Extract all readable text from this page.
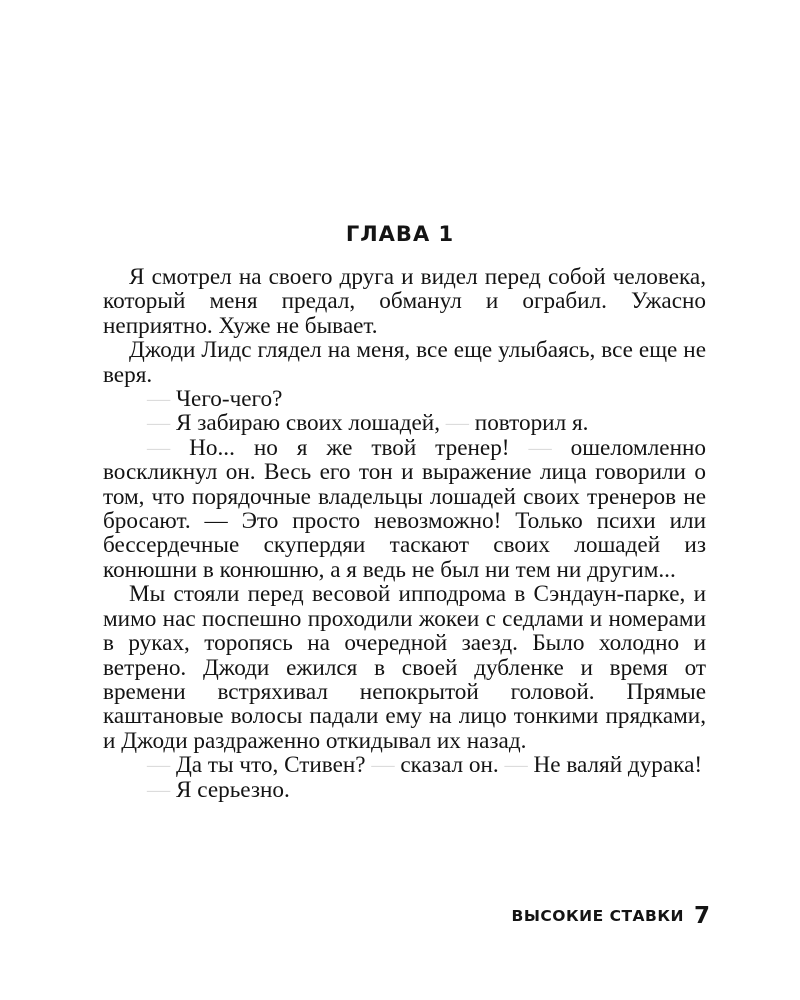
ГЛАВА 1

Я смотрел на своего друга и видел перед собой человека, который меня предал, обманул и ограбил. Ужасно неприятно. Хуже не бывает.

Джоди Лидс глядел на меня, все еще улыбаясь, все еще не веря.

— Чего-чего?

— Я забираю своих лошадей, — повторил я.

— Но... но я же твой тренер! — ошеломленно воскликнул он. Весь его тон и выражение лица говорили о том, что порядочные владельцы лошадей своих тренеров не бросают. — Это просто невозможно! Только психи или бессердечные скупердяи таскают своих лошадей из конюшни в конюшню, а я ведь не был ни тем ни другим...

Мы стояли перед весовой ипподрома в Сэндаун-парке, и мимо нас поспешно проходили жокеи с седлами и номерами в руках, торопясь на очередной заезд. Было холодно и ветрено. Джоди ежился в своей дубленке и время от времени встряхивал непокрытой головой. Прямые каштановые волосы падали ему на лицо тонкими прядками, и Джоди раздраженно откидывал их назад.

— Да ты что, Стивен? — сказал он. — Не валяй дурака!

— Я серьезно.

ВЫСОКИЕ СТАВКИ 7
